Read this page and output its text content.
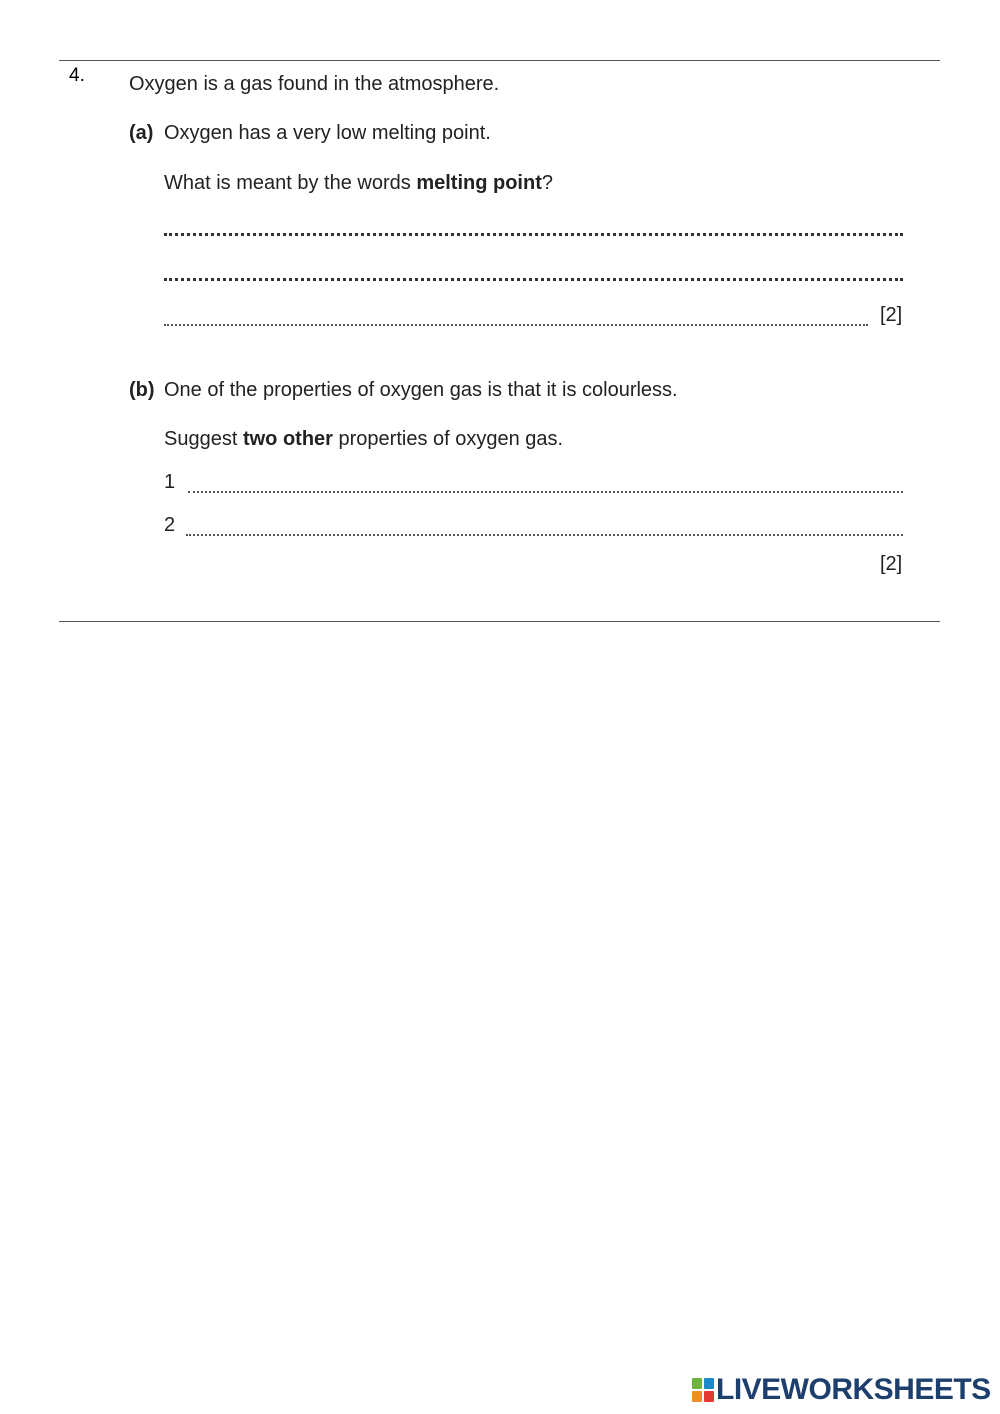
4. Oxygen is a gas found in the atmosphere.
(a) Oxygen has a very low melting point.
What is meant by the words melting point?
[2]
(b) One of the properties of oxygen gas is that it is colourless.
Suggest two other properties of oxygen gas.
1
2
[2]
LIVEWORKSHEETS
